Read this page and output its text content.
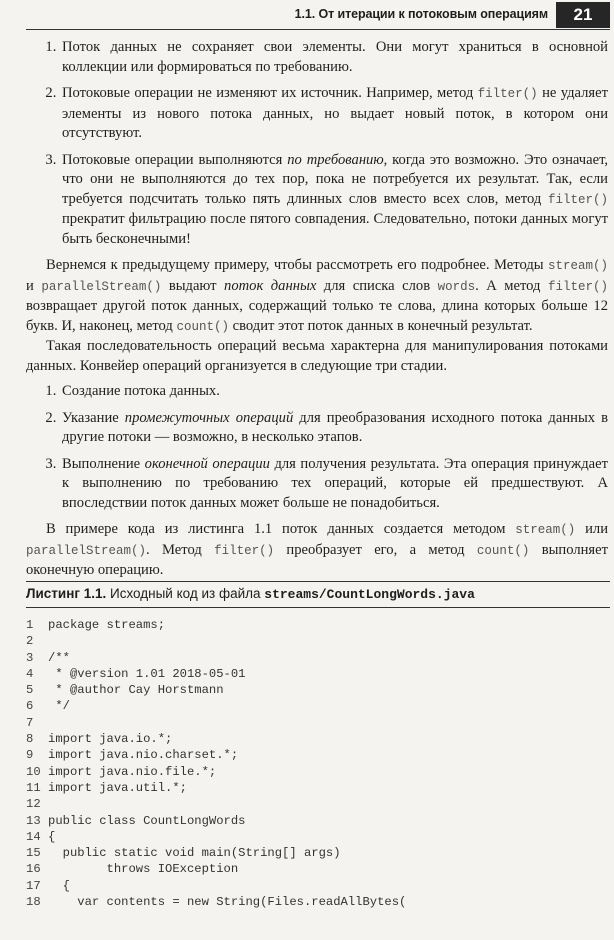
1.1. От итерации к потоковым операциям	21
1. Поток данных не сохраняет свои элементы. Они могут храниться в основной коллекции или формироваться по требованию.
2. Потоковые операции не изменяют их источник. Например, метод filter() не удаляет элементы из нового потока данных, но выдает новый поток, в котором они отсутствуют.
3. Потоковые операции выполняются по требованию, когда это возможно. Это означает, что они не выполняются до тех пор, пока не потребуется их результат. Так, если требуется подсчитать только пять длинных слов вместо всех слов, метод filter() прекратит фильтрацию после пятого совпадения. Следовательно, потоки данных могут быть бесконечными!

Вернемся к предыдущему примеру, чтобы рассмотреть его подробнее. Методы stream() и parallelStream() выдают поток данных для списка слов words. А метод filter() возвращает другой поток данных, содержащий только те слова, длина которых больше 12 букв. И, наконец, метод count() сводит этот поток данных в конечный результат.

Такая последовательность операций весьма характерна для манипулирования потоками данных. Конвейер операций организуется в следующие три стадии.

1. Создание потока данных.
2. Указание промежуточных операций для преобразования исходного потока данных в другие потоки — возможно, в несколько этапов.
3. Выполнение оконечной операции для получения результата. Эта операция принуждает к выполнению по требованию тех операций, которые ей предшествуют. А впоследствии поток данных может больше не понадобиться.

В примере кода из листинга 1.1 поток данных создается методом stream() или parallelStream(). Метод filter() преобразует его, а метод count() выполняет оконечную операцию.

Листинг 1.1. Исходный код из файла streams/CountLongWords.java
1 package streams;
2
3 /**
4 * @version 1.01 2018-05-01
5 * @author Cay Horstmann
6 */
7
8 import java.io.*;
9 import java.nio.charset.*;
10 import java.nio.file.*;
11 import java.util.*;
12
13 public class CountLongWords
14 {
15  public static void main(String[] args)
16        throws IOException
17  {
18    var contents = new String(Files.readAllBytes(
